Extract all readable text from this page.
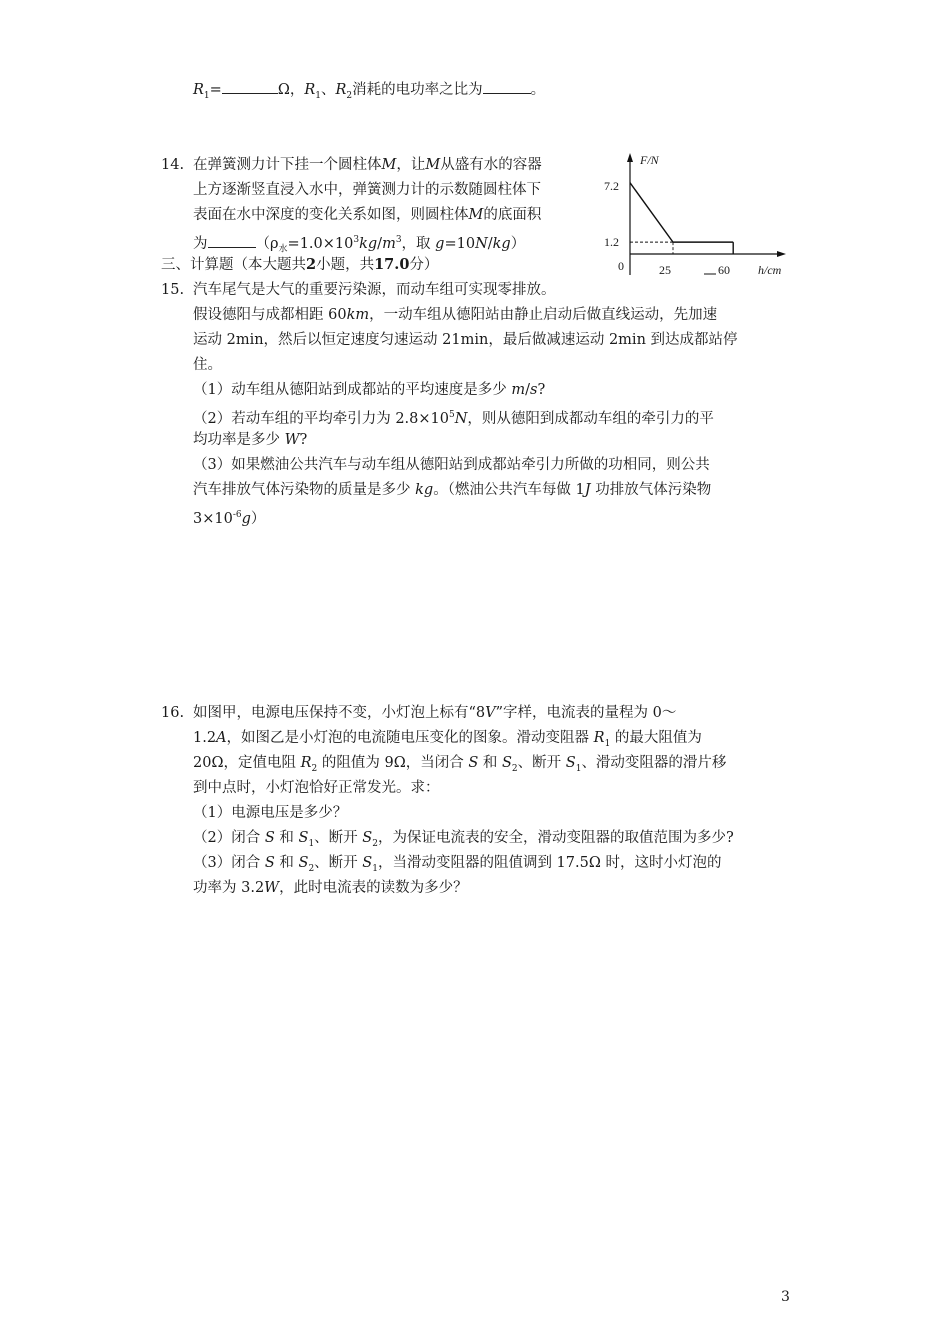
$R_1=$	Ω，$R_1$、$R_2$消耗的电功率之比为	。
14. 在弹簧测力计下挂一个圆柱体M，让M从盛有水的容器
上方逐渐竖直浸入水中，弹簧测力计的示数随圆柱体下
表面在水中深度的变化关系如图，则圆柱体M的底面积
为	（$\rho_水=1.0\times 10^3kg/m^3$，取 g=10N/kg）
F/N
h/cm
0
7.2
1.2
25	60
三、计算题（本大题共2小题，共17.0分）
15. 汽车尾气是大气的重要污染源，而动车组可实现零排放。
假设德阳与成都相距 60km，一动车组从德阳站由静止启动后做直线运动，先加速
运动 2min，然后以恒定速度匀速运动 21min，最后做减速运动 2min 到达成都站停
住。
（1）动车组从德阳站到成都站的平均速度是多少 m/s?
（2）若动车组的平均牵引力为 $2.8\times 10^5N$，则从德阳到成都动车组的牵引力的平
均功率是多少 W?
（3）如果燃油公共汽车与动车组从德阳站到成都站牵引力所做的功相同，则公共
汽车排放气体污染物的质量是多少 kg。（燃油公共汽车每做 1J 功排放气体污染物
$3\times 10^{-6}g$）
16. 如图甲，电源电压保持不变，小灯泡上标有“8V”字样，电流表的量程为 0～
1.2A，如图乙是小灯泡的电流随电压变化的图象。滑动变阻器 $R_1$ 的最大阻值为
20Ω，定值电阻 $R_2$ 的阻值为 9Ω，当闭合 S 和 $S_2$、断开 $S_1$、滑动变阻器的滑片移
到中点时，小灯泡恰好正常发光。求：
（1）电源电压是多少？
（2）闭合 S 和 $S_1$、断开 $S_2$，为保证电流表的安全，滑动变阻器的取值范围为多少?
（3）闭合 S 和 $S_2$、断开 $S_1$，当滑动变阻器的阻值调到 17.5Ω 时，这时小灯泡的
功率为 3.2W，此时电流表的读数为多少？
3
